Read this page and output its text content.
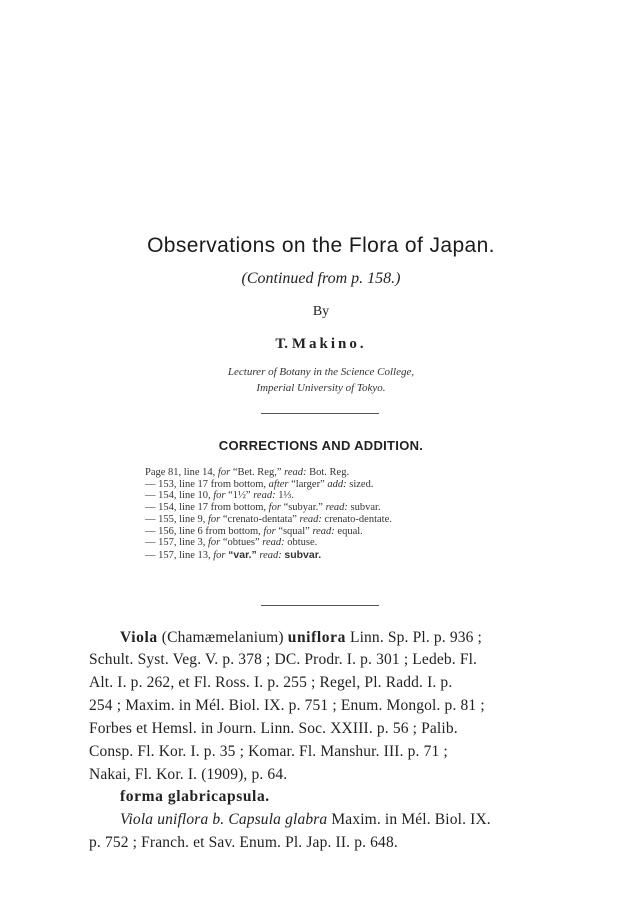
Observations on the Flora of Japan.
(Continued from p. 158.)
By
T. Makino.
Lecturer of Botany in the Science College,
Imperial University of Tokyo.
CORRECTIONS AND ADDITION.
Page 81, line 14, for “Bet. Reg,” read: Bot. Reg.
— 153, line 17 from bottom, after “larger” add: sized.
— 154, line 10, for “1½” read: 1⅓.
— 154, line 17 from bottom, for “subyar.” read: subvar.
— 155, line 9, for “crenato-dentata” read: crenato-dentate.
— 156, line 6 from bottom, for “squal” read: equal.
— 157, line 3, for “obtues” read: obtuse.
— 157, line 13, for “var.” read: subvar.
Viola (Chamæmelanium) uniflora Linn. Sp. Pl. p. 936 ;
Schult. Syst. Veg. V. p. 378 ; DC. Prodr. I. p. 301 ; Ledeb. Fl.
Alt. I. p. 262, et Fl. Ross. I. p. 255 ; Regel, Pl. Radd. I. p.
254 ; Maxim. in Mél. Biol. IX. p. 751 ; Enum. Mongol. p. 81 ;
Forbes et Hemsl. in Journ. Linn. Soc. XXIII. p. 56 ; Palib.
Consp. Fl. Kor. I. p. 35 ; Komar. Fl. Manshur. III. p. 71 ;
Nakai, Fl. Kor. I. (1909), p. 64.
forma glabricapsula.
Viola uniflora b. Capsula glabra Maxim. in Mél. Biol. IX.
p. 752 ; Franch. et Sav. Enum. Pl. Jap. II. p. 648.
